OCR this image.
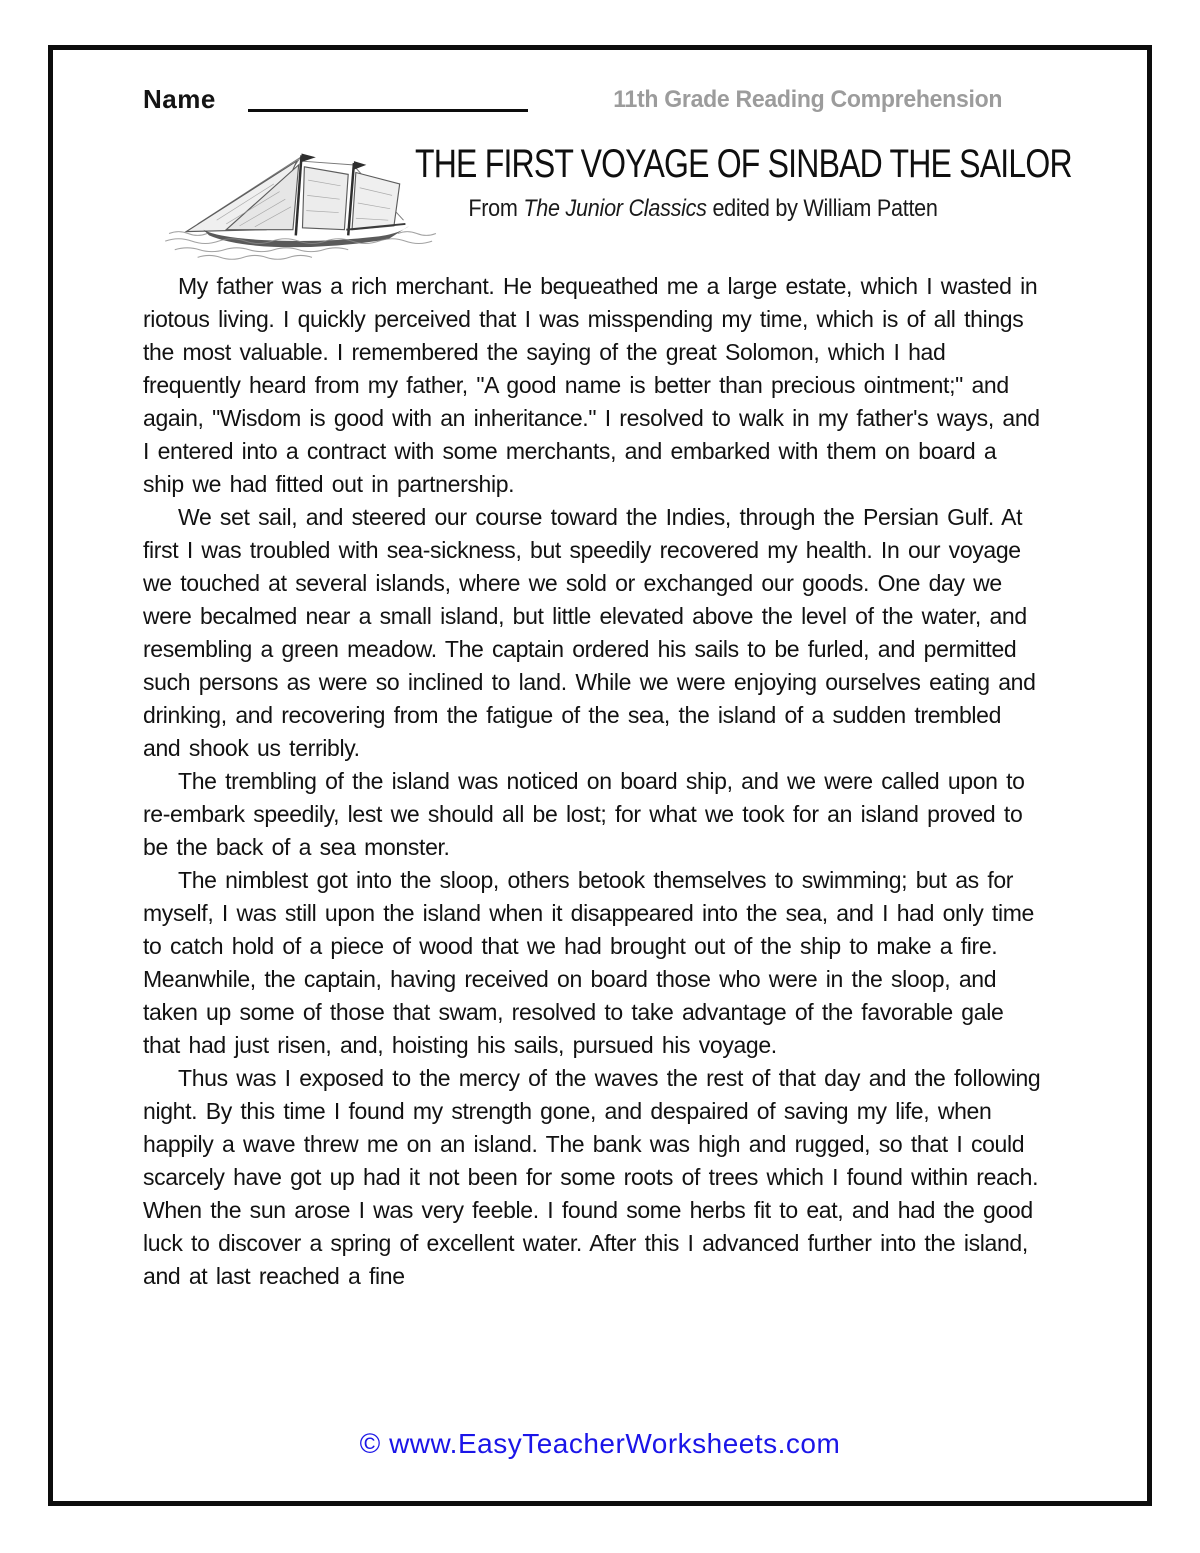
Name	11th Grade Reading Comprehension
THE FIRST VOYAGE OF SINBAD THE SAILOR
From The Junior Classics edited by William Patten

My father was a rich merchant. He bequeathed me a large estate, which I wasted in riotous living. I quickly perceived that I was misspending my time, which is of all things the most valuable. I remembered the saying of the great Solomon, which I had frequently heard from my father, "A good name is better than precious ointment;" and again, "Wisdom is good with an inheritance." I resolved to walk in my father's ways, and I entered into a contract with some merchants, and embarked with them on board a ship we had fitted out in partnership.

We set sail, and steered our course toward the Indies, through the Persian Gulf. At first I was troubled with sea-sickness, but speedily recovered my health. In our voyage we touched at several islands, where we sold or exchanged our goods. One day we were becalmed near a small island, but little elevated above the level of the water, and resembling a green meadow. The captain ordered his sails to be furled, and permitted such persons as were so inclined to land. While we were enjoying ourselves eating and drinking, and recovering from the fatigue of the sea, the island of a sudden trembled and shook us terribly.

The trembling of the island was noticed on board ship, and we were called upon to re-embark speedily, lest we should all be lost; for what we took for an island proved to be the back of a sea monster.

The nimblest got into the sloop, others betook themselves to swimming; but as for myself, I was still upon the island when it disappeared into the sea, and I had only time to catch hold of a piece of wood that we had brought out of the ship to make a fire. Meanwhile, the captain, having received on board those who were in the sloop, and taken up some of those that swam, resolved to take advantage of the favorable gale that had just risen, and, hoisting his sails, pursued his voyage.

Thus was I exposed to the mercy of the waves the rest of that day and the following night. By this time I found my strength gone, and despaired of saving my life, when happily a wave threw me on an island. The bank was high and rugged, so that I could scarcely have got up had it not been for some roots of trees which I found within reach. When the sun arose I was very feeble. I found some herbs fit to eat, and had the good luck to discover a spring of excellent water. After this I advanced further into the island, and at last reached a fine

© www.EasyTeacherWorksheets.com
